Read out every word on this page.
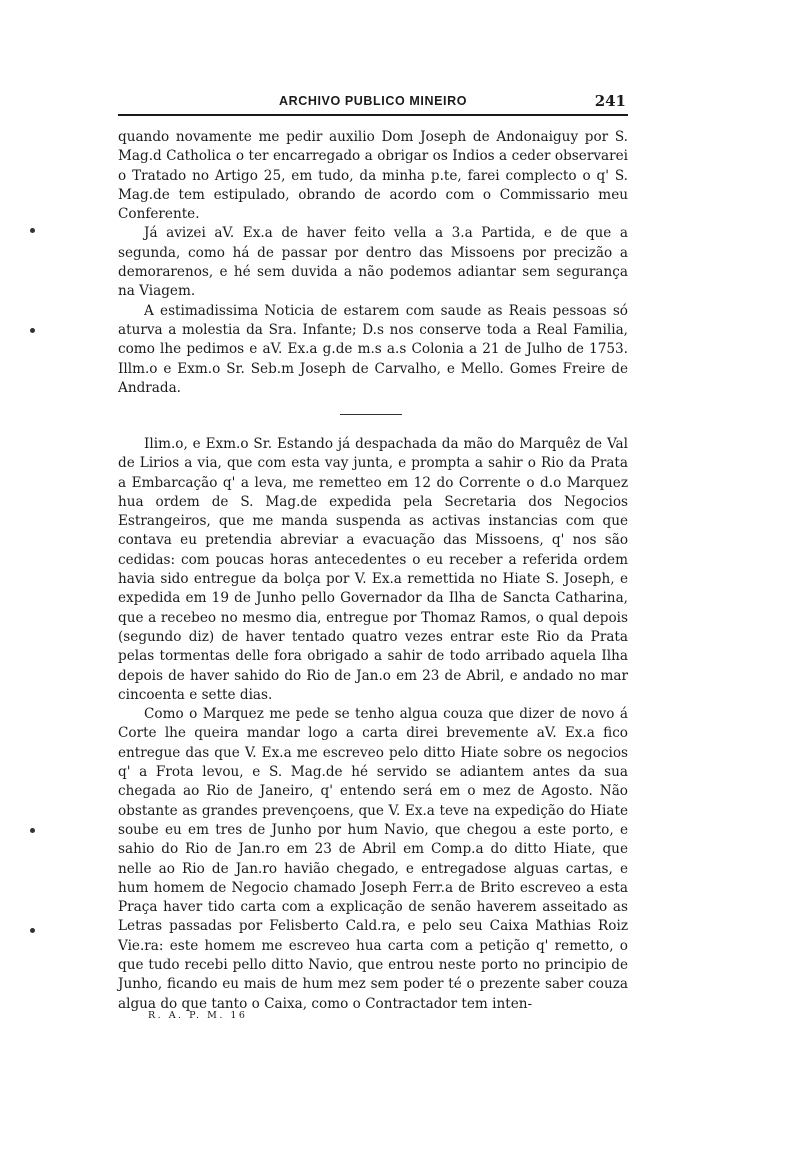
ARCHIVO PUBLICO MINEIRO	241

quando novamente me pedir auxilio Dom Joseph de Andonaiguy por S. Mag.d Catholica o ter encarregado a obrigar os Indios a ceder observarei o Tratado no Artigo 25, em tudo, da minha p.te, farei complecto o q' S. Mag.de tem estipulado, obrando de acordo com o Commissario meu Conferente.

Já avizei aV. Ex.a de haver feito vella a 3.a Partida, e de que a segunda, como há de passar por dentro das Missoens por precizão a demorarenos, e hé sem duvida a não podemos adiantar sem segurança na Viagem.

A estimadissima Noticia de estarem com saude as Reais pessoas só aturva a molestia da Sra. Infante; D.s nos conserve toda a Real Familia, como lhe pedimos e aV. Ex.a g.de m.s a.s Colonia a 21 de Julho de 1753. Illm.o e Exm.o Sr. Seb.m Joseph de Carvalho, e Mello. Gomes Freire de Andrada.

Ilim.o, e Exm.o Sr. Estando já despachada da mão do Marquêz de Val de Lirios a via, que com esta vay junta, e prompta a sahir o Rio da Prata a Embarcação q' a leva, me remetteo em 12 do Corrente o d.o Marquez hua ordem de S. Mag.de expedida pela Secretaria dos Negocios Estrangeiros, que me manda suspenda as activas instancias com que contava eu pretendia abreviar a evacuação das Missoens, q' nos são cedidas: com poucas horas antecedentes o eu receber a referida ordem havia sido entregue da bolça por V. Ex.a remettida no Hiate S. Joseph, e expedida em 19 de Junho pello Governador da Ilha de Sancta Catharina, que a recebeo no mesmo dia, entregue por Thomaz Ramos, o qual depois (segundo diz) de haver tentado quatro vezes entrar este Rio da Prata pelas tormentas delle fora obrigado a sahir de todo arribado aquela Ilha depois de haver sahido do Rio de Jan.o em 23 de Abril, e andado no mar cincoenta e sette dias.

Como o Marquez me pede se tenho algua couza que dizer de novo á Corte lhe queira mandar logo a carta direi brevemente aV. Ex.a fico entregue das que V. Ex.a me escreveo pelo ditto Hiate sobre os negocios q' a Frota levou, e S. Mag.de hé servido se adiantem antes da sua chegada ao Rio de Janeiro, q' entendo será em o mez de Agosto. Não obstante as grandes prevençoens, que V. Ex.a teve na expedição do Hiate soube eu em tres de Junho por hum Navio, que chegou a este porto, e sahio do Rio de Jan.ro em 23 de Abril em Comp.a do ditto Hiate, que nelle ao Rio de Jan.ro havião chegado, e entregadose alguas cartas, e hum homem de Negocio chamado Joseph Ferr.a de Brito escreveo a esta Praça haver tido carta com a explicação de senão haverem asseitado as Letras passadas por Felisberto Cald.ra, e pelo seu Caixa Mathias Roiz Vie.ra: este homem me escreveo hua carta com a petição q' remetto, o que tudo recebi pello ditto Navio, que entrou neste porto no principio de Junho, ficando eu mais de hum mez sem poder té o prezente saber couza algua do que tanto o Caixa, como o Contractador tem inten-

R. A. P. M. 16
